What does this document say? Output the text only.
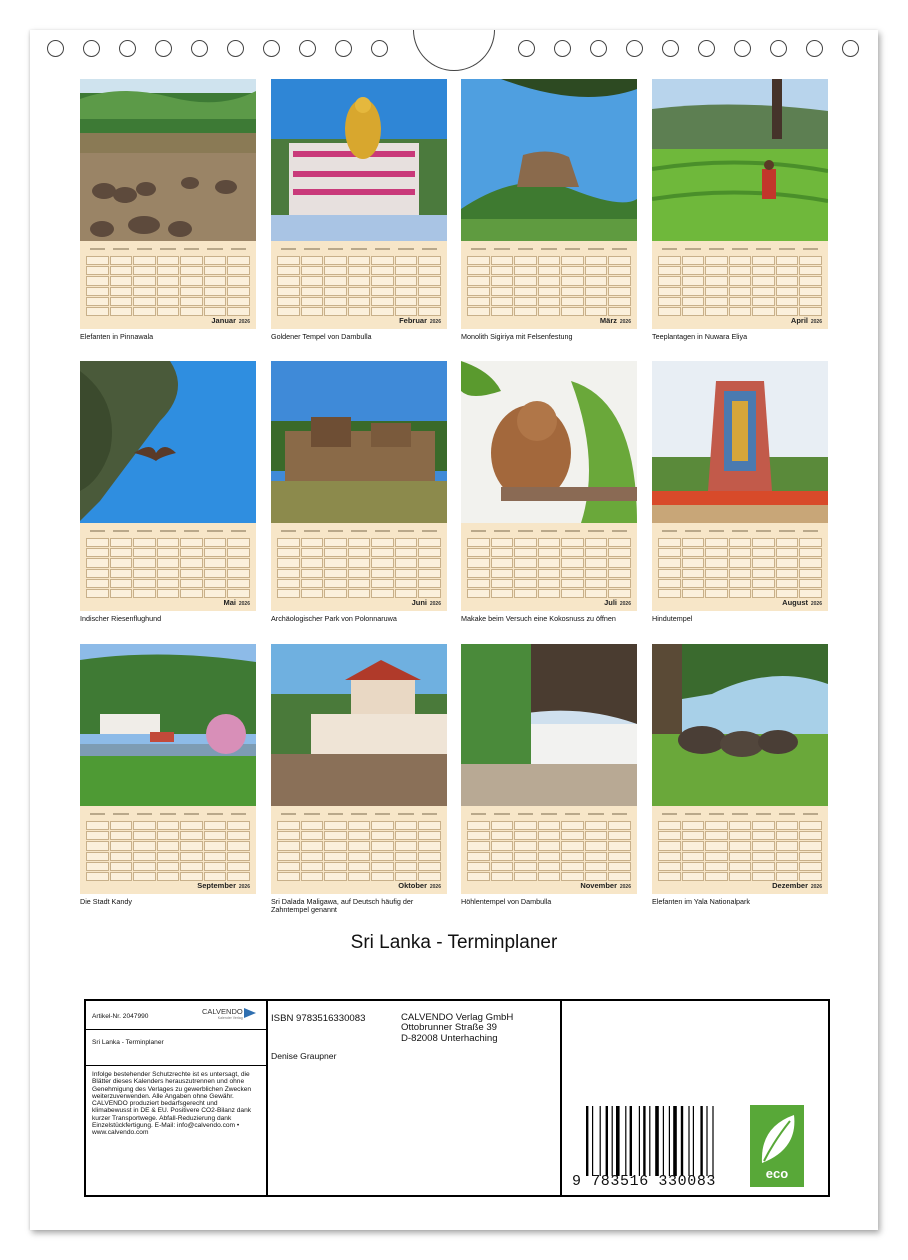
Januar 2026
Elefanten in Pinnawala
Februar 2026
Goldener Tempel von Dambulla
März 2026
Monolith Sigiriya mit Felsenfestung
April 2026
Teeplantagen in Nuwara Eliya
Mai 2026
Indischer Riesenflughund
Juni 2026
Archäologischer Park von Polonnaruwa
Juli 2026
Makake beim Versuch eine Kokosnuss zu öffnen
August 2026
Hindutempel
September 2026
Die Stadt Kandy
Oktober 2026
Sri Dalada Maligawa, auf Deutsch häufig der Zahntempel genannt
November 2026
Höhlentempel von Dambulla
Dezember 2026
Elefanten im Yala Nationalpark
Sri Lanka - Terminplaner
Artikel-Nr. 2047990
CALVENDO
Kalender Verlag
Sri Lanka - Terminplaner
Infolge bestehender Schutzrechte ist es untersagt, die Blätter dieses Kalenders herauszutrennen und ohne Genehmigung des Verlages zu gewerblichen Zwecken weiterzuverwenden. Alle Angaben ohne Gewähr. CALVENDO produziert bedarfsgerecht und klimabewusst in DE & EU. Positivere CO2-Bilanz dank kurzer Transportwege. Abfall-Reduzierung dank Einzelstückfertigung. E-Mail: info@calvendo.com • www.calvendo.com
ISBN 9783516330083
Denise Graupner
CALVENDO Verlag GmbH
Ottobrunner Straße 39
D-82008 Unterhaching
9 783516 330083	eco
